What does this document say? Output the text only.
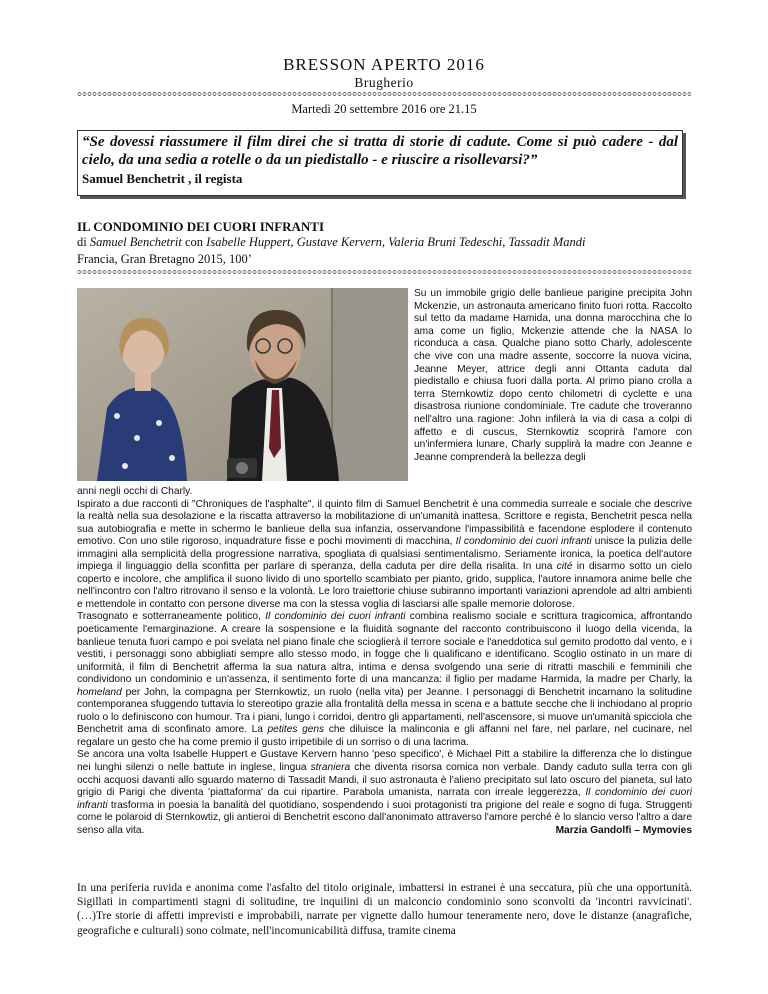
BRESSON APERTO 2016
Brugherio
Martedì 20 settembre 2016 ore 21.15
“Se dovessi riassumere il film direi che si tratta di storie di cadute. Come si può cadere - dal cielo, da una sedia a rotelle o da un piedistallo - e riuscire a risollevarsi?”
Samuel Benchetrit , il regista
IL CONDOMINIO DEI CUORI INFRANTI
di Samuel Benchetrit con Isabelle Huppert, Gustave Kervern, Valeria Bruni Tedeschi, Tassadit Mandi
Francia, Gran Bretagno 2015, 100’
Su un immobile grigio delle banlieue parigine precipita John Mckenzie, un astronauta americano finito fuori rotta. Raccolto sul tetto da madame Hamida, una donna marocchina che lo ama come un figlio, Mckenzie attende che la NASA lo riconduca a casa. Qualche piano sotto Charly, adolescente che vive con una madre assente, soccorre la nuova vicina, Jeanne Meyer, attrice degli anni Ottanta caduta dal piedistallo e chiusa fuori dalla porta. Al primo piano crolla a terra Sternkowtiz dopo cento chilometri di cyclette e una disastrosa riunione condominiale. Tre cadute che troveranno nell'altro una ragione: John infilerà la via di casa a colpi di affetto e di cuscus, Sternkowtiz scoprirà l'amore con un'infermiera lunare, Charly supplirà la madre con Jeanne e Jeanne comprenderà la bellezza degli

anni negli occhi di Charly.

Ispirato a due racconti di "Chroniques de l'asphalte", il quinto film di Samuel Benchetrit è una commedia surreale e sociale che descrive la realtà nella sua desolazione e la riscatta attraverso la mobilitazione di un'umanità inattesa. Scrittore e regista, Benchetrit pesca nella sua autobiografia e mette in schermo le banlieue della sua infanzia, osservandone l'impassibilità e facendone esplodere il contenuto emotivo. Con uno stile rigoroso, inquadrature fisse e pochi movimenti di macchina, Il condominio dei cuori infranti unisce la pulizia delle immagini alla semplicità della progressione narrativa, spogliata di qualsiasi sentimentalismo. Seriamente ironica, la poetica dell'autore impiega il linguaggio della sconfitta per parlare di speranza, della caduta per dire della risalita. In una cité in disarmo sotto un cielo coperto e incolore, che amplifica il suono livido di uno sportello scambiato per pianto, grido, supplica, l'autore innamora anime belle che nell'incontro con l'altro ritrovano il senso e la volontà. Le loro traiettorie chiuse subiranno importanti variazioni aprendole ad altri ambienti e mettendole in contatto con persone diverse ma con la stessa voglia di lasciarsi alle spalle memorie dolorose.

Trasognato e sotterraneamente politico, Il condominio dei cuori infranti combina realismo sociale e scrittura tragicomica, affrontando poeticamente l'emarginazione. A creare la sospensione e la fluidità sognante del racconto contribuiscono il luogo della vicenda, la banlieue tenuta fuori campo e poi svelata nel piano finale che scioglierà il terrore sociale e l'aneddotica sul gemito prodotto dal vento, e i vestiti, i personaggi sono abbigliati sempre allo stesso modo, in fogge che li qualificano e identificano. Scoglio ostinato in un mare di uniformità, il film di Benchetrit afferma la sua natura altra, intima e densa svolgendo una serie di ritratti maschili e femminili che condividono un condominio e un'assenza, il sentimento forte di una mancanza: il figlio per madame Harmida, la madre per Charly, la homeland per John, la compagna per Sternkowtiz, un ruolo (nella vita) per Jeanne. I personaggi di Benchetrit incarnano la solitudine contemporanea sfuggendo tuttavia lo stereotipo grazie alla frontalità della messa in scena e a battute secche che li inchiodano al proprio ruolo o lo definiscono con humour. Tra i piani, lungo i corridoi, dentro gli appartamenti, nell'ascensore, si muove un'umanità spicciola che Benchetrit ama di sconfinato amore. La petites gens che diluisce la malinconia e gli affanni nel fare, nel parlare, nel cucinare, nel regalare un gesto che ha come premio il gusto irripetibile di un sorriso o di una lacrima.

Se ancora una volta Isabelle Huppert e Gustave Kervern hanno 'peso specifico', è Michael Pitt a stabilire la differenza che lo distingue nei lunghi silenzi o nelle battute in inglese, lingua straniera che diventa risorsa comica non verbale. Dandy caduto sulla terra con gli occhi acquosi davanti allo sguardo materno di Tassadit Mandi, il suo astronauta è l'alieno precipitato sul lato oscuro del pianeta, sul lato grigio di Parigi che diventa 'piattaforma' da cui ripartire. Parabola umanista, narrata con irreale leggerezza, Il condominio dei cuori infranti trasforma in poesia la banalità del quotidiano, sospendendo i suoi protagonisti tra prigione del reale e sogno di fuga. Struggenti come le polaroid di Sternkowtiz, gli antieroi di Benchetrit escono dall'anonimato attraverso l'amore perché è lo slancio verso l'altro a dare senso alla vita.	Marzia Gandolfi – Mymovies

In una periferia ruvida e anonima come l'asfalto del titolo originale, imbattersi in estranei è una seccatura, più che una opportunità. Sigillati in compartimenti stagni di solitudine, tre inquilini di un malconcio condominio sono sconvolti da 'incontri ravvicinati'. (…)Tre storie di affetti imprevisti e improbabili, narrate per vignette dallo humour teneramente nero, dove le distanze (anagrafiche, geografiche e culturali) sono colmate, nell'incomunicabilità diffusa, tramite cinema
